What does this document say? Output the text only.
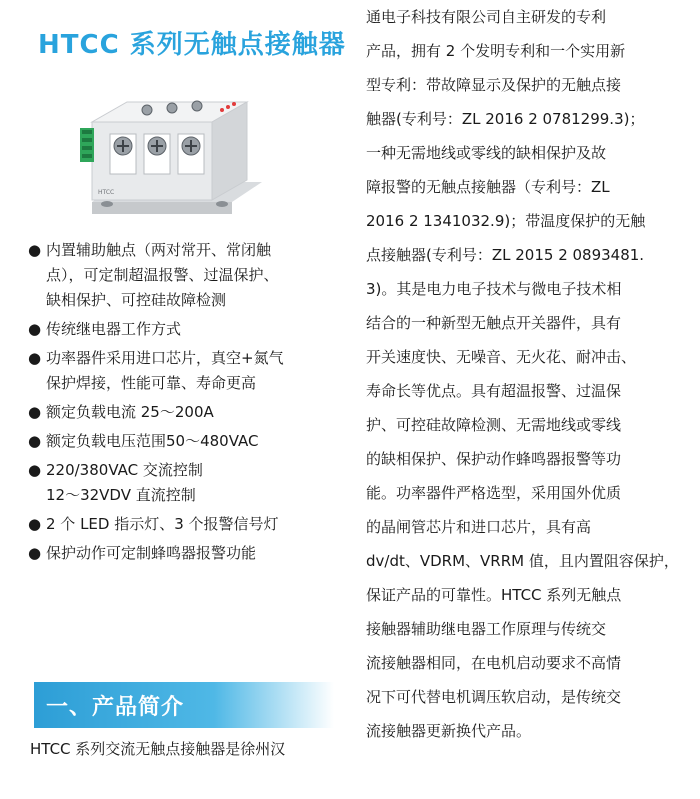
HTCC 系列无触点接触器
HTCC
● 内置辅助触点（两对常开、常闭触
点），可定制超温报警、过温保护、
缺相保护、可控硅故障检测
● 传统继电器工作方式
● 功率器件采用进口芯片，真空+氮气
保护焊接，性能可靠、寿命更高
● 额定负载电流 25～200A
● 额定负载电压范围50～480VAC
● 220/380VAC 交流控制
12～32VDV 直流控制
● 2 个 LED 指示灯、3 个报警信号灯
● 保护动作可定制蜂鸣器报警功能
一、产品简介
HTCC 系列交流无触点接触器是徐州汉
通电子科技有限公司自主研发的专利
产品，拥有 2 个发明专利和一个实用新
型专利：带故障显示及保护的无触点接
触器(专利号：ZL 2016 2 0781299.3)；
一种无需地线或零线的缺相保护及故
障报警的无触点接触器（专利号：ZL
2016 2 1341032.9)；带温度保护的无触
点接触器(专利号：ZL 2015 2 0893481.
3)。其是电力电子技术与微电子技术相
结合的一种新型无触点开关器件，具有
开关速度快、无噪音、无火花、耐冲击、
寿命长等优点。具有超温报警、过温保
护、可控硅故障检测、无需地线或零线
的缺相保护、保护动作蜂鸣器报警等功
能。功率器件严格选型，采用国外优质
的晶闸管芯片和进口芯片，具有高
dv/dt、VDRM、VRRM 值，且内置阻容保护，
保证产品的可靠性。HTCC 系列无触点
接触器辅助继电器工作原理与传统交
流接触器相同，在电机启动要求不高情
况下可代替电机调压软启动，是传统交
流接触器更新换代产品。
